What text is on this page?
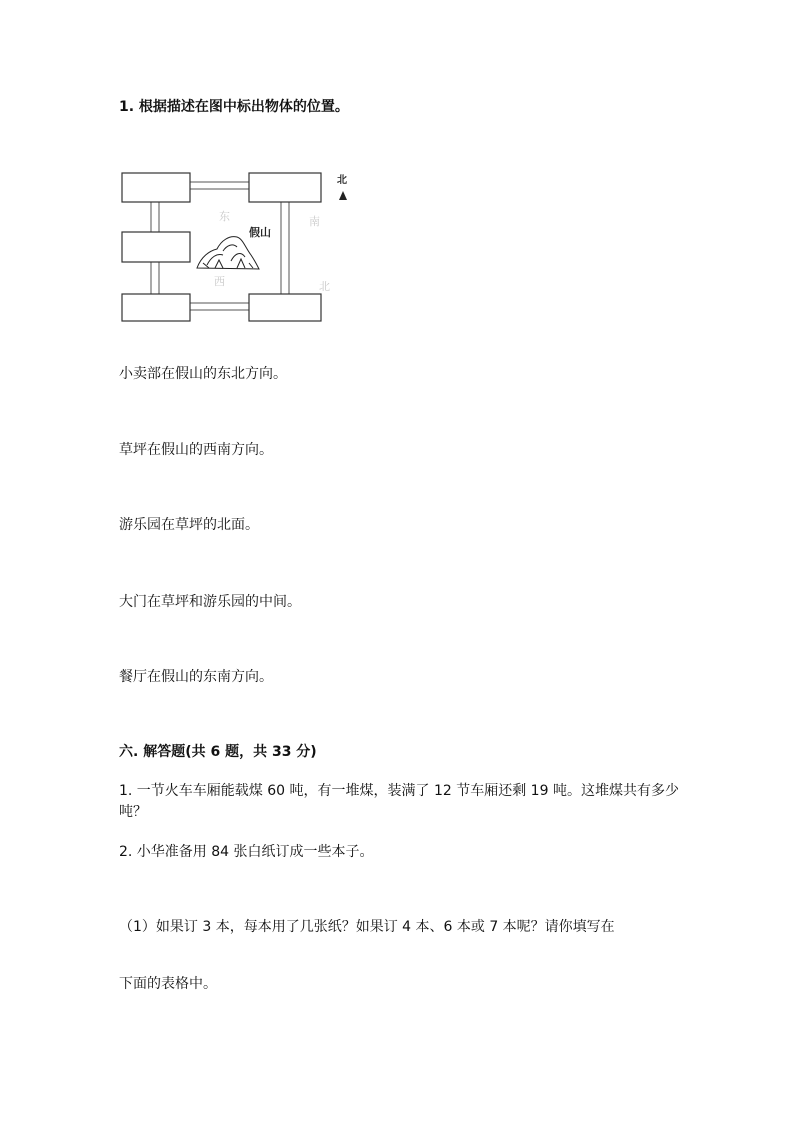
1. 根据描述在图中标出物体的位置。
东	南
北
西
假山
北
小卖部在假山的东北方向。
草坪在假山的西南方向。
游乐园在草坪的北面。
大门在草坪和游乐园的中间。
餐厅在假山的东南方向。
六. 解答题(共 6 题，共 33 分)
1. 一节火车车厢能载煤 60 吨，有一堆煤，装满了 12 节车厢还剩 19 吨。这堆煤共有多少吨？
2. 小华准备用 84 张白纸订成一些本子。
（1）如果订 3 本，每本用了几张纸？如果订 4 本、6 本或 7 本呢？请你填写在
下面的表格中。
